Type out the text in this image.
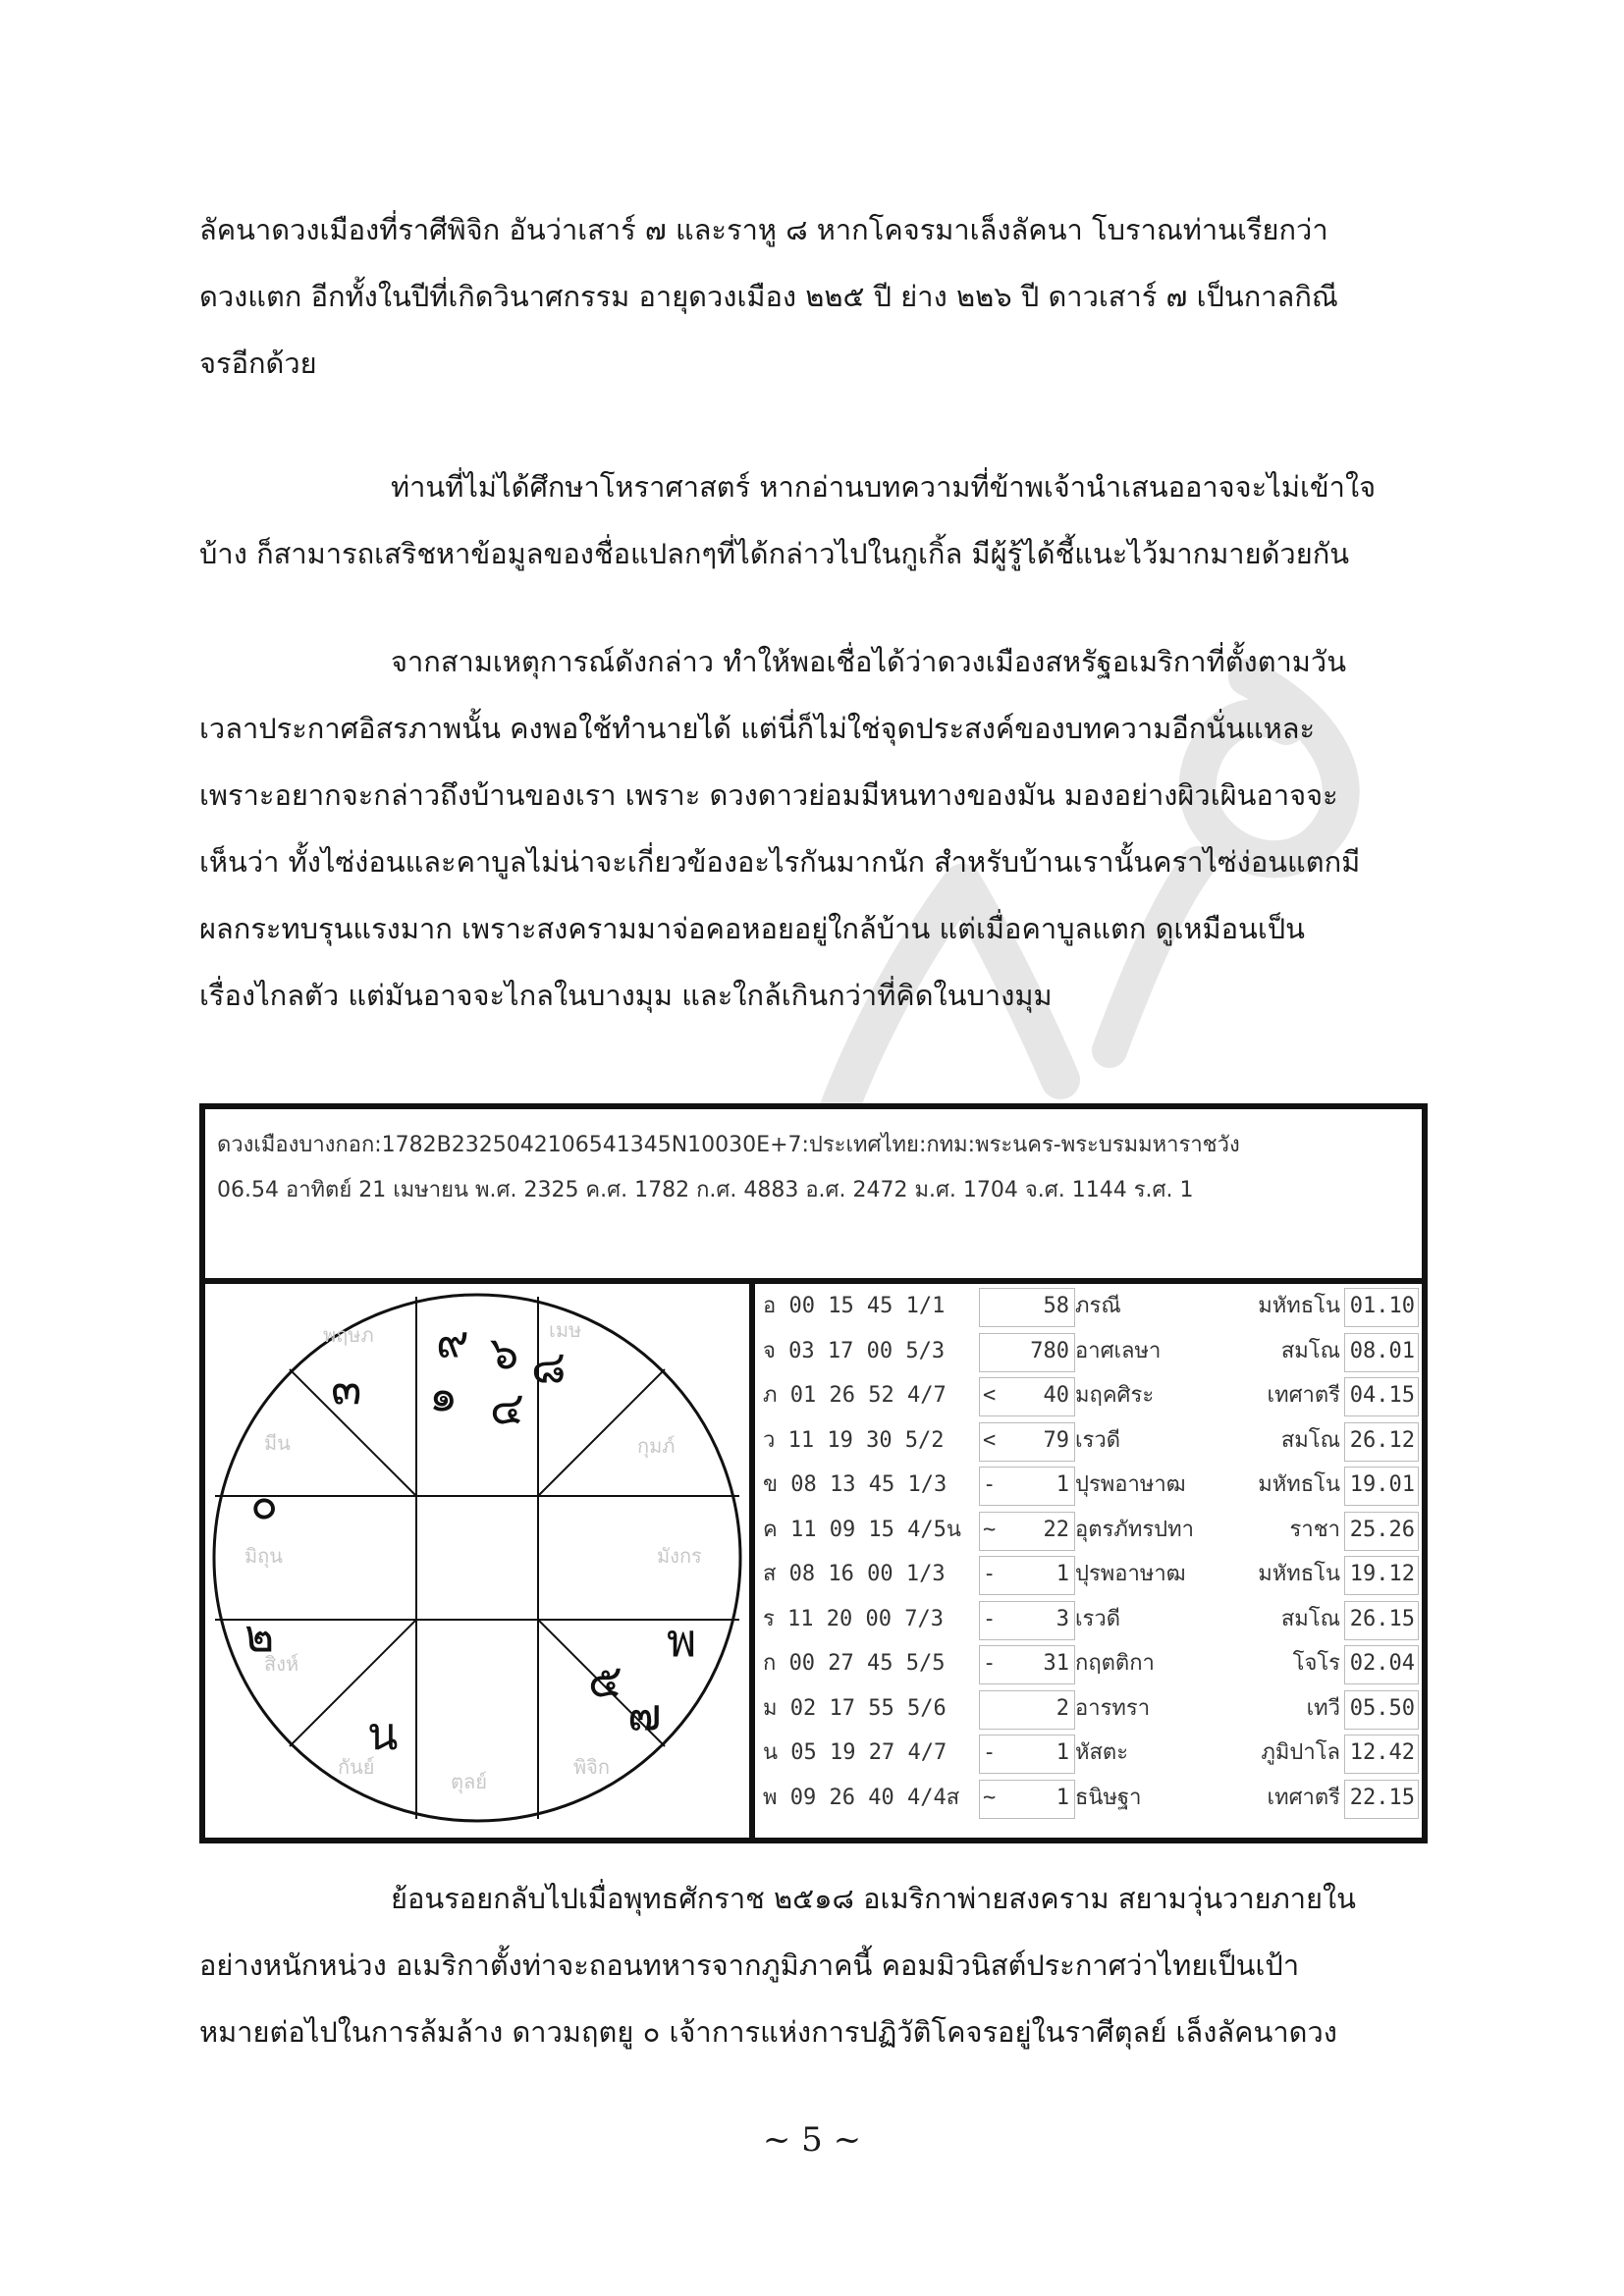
ลัคนาดวงเมืองที่ราศีพิจิก อันว่าเสาร์ ๗ และราหู ๘ หากโคจรมาเล็งลัคนา โบราณท่านเรียกว่า
ดวงแตก อีกทั้งในปีที่เกิดวินาศกรรม อายุดวงเมือง ๒๒๕ ปี ย่าง ๒๒๖ ปี ดาวเสาร์ ๗ เป็นกาลกิณี
จรอีกด้วย

ท่านที่ไม่ได้ศึกษาโหราศาสตร์ หากอ่านบทความที่ข้าพเจ้านำเสนออาจจะไม่เข้าใจ
บ้าง ก็สามารถเสริชหาข้อมูลของชื่อแปลกๆที่ได้กล่าวไปในกูเกิ้ล มีผู้รู้ได้ชี้แนะไว้มากมายด้วยกัน

จากสามเหตุการณ์ดังกล่าว ทำให้พอเชื่อได้ว่าดวงเมืองสหรัฐอเมริกาที่ตั้งตามวัน
เวลาประกาศอิสรภาพนั้น คงพอใช้ทำนายได้ แต่นี่ก็ไม่ใช่จุดประสงค์ของบทความอีกนั่นแหละ
เพราะอยากจะกล่าวถึงบ้านของเรา เพราะ ดวงดาวย่อมมีหนทางของมัน มองอย่างผิวเผินอาจจะ
เห็นว่า ทั้งไซ่ง่อนและคาบูลไม่น่าจะเกี่ยวข้องอะไรกันมากนัก สำหรับบ้านเรานั้นคราไซ่ง่อนแตกมี
ผลกระทบรุนแรงมาก เพราะสงครามมาจ่อคอหอยอยู่ใกล้บ้าน แต่เมื่อคาบูลแตก ดูเหมือนเป็น
เรื่องไกลตัว แต่มันอาจจะไกลในบางมุม และใกล้เกินกว่าที่คิดในบางมุม

ดวงเมืองบางกอก:1782B2325042106541345N10030E+7:ประเทศไทย:กทม:พระนคร-พระบรมมหาราชวัง
06.54 อาทิตย์ 21 เมษายน พ.ศ. 2325 ค.ศ. 1782 ก.ศ. 4883 อ.ศ. 2472 ม.ศ. 1704 จ.ศ. 1144 ร.ศ. 1
พฤษภ	เมษ
มีน	กุมภ์
มิถุน	มังกร
สิงห์
กันย์
ตุลย์
พิจิก
๙
๑
๖ ๘
๔
๓
๐
๒	พ
๕
๗
น
อ 00 15 45 1/1	58 ภรณี	มหัทธโน 01.10
จ 03 17 00 5/3	780 อาศเลษา	สมโณ 08.01
ภ 01 26 52 4/7 <	40 มฤคศิระ	เทศาตรี 04.15
ว 11 19 30 5/2 <	79 เรวดี	สมโณ 26.12
ข 08 13 45 1/3 -	1 ปุรพอาษาฒ	มหัทธโน 19.01
ค 11 09 15 4/5น ~	22 อุตรภัทรปทา	ราชา 25.26
ส 08 16 00 1/3 -	1 ปุรพอาษาฒ	มหัทธโน 19.12
ร 11 20 00 7/3 -	3 เรวดี	สมโณ 26.15
ก 00 27 45 5/5 -	31 กฤตติกา	โจโร 02.04
ม 02 17 55 5/6	2 อารทรา	เทวี 05.50
น 05 19 27 4/7 -	1 หัสตะ	ภูมิปาโล 12.42
พ 09 26 40 4/4ส ~	1 ธนิษฐา	เทศาตรี 22.15

ย้อนรอยกลับไปเมื่อพุทธศักราช ๒๕๑๘ อเมริกาพ่ายสงคราม สยามวุ่นวายภายใน
อย่างหนักหน่วง อเมริกาตั้งท่าจะถอนทหารจากภูมิภาคนี้ คอมมิวนิสต์ประกาศว่าไทยเป็นเป้า
หมายต่อไปในการล้มล้าง ดาวมฤตยู ๐ เจ้าการแห่งการปฏิวัติโคจรอยู่ในราศีตุลย์ เล็งลัคนาดวง

~ 5 ~
